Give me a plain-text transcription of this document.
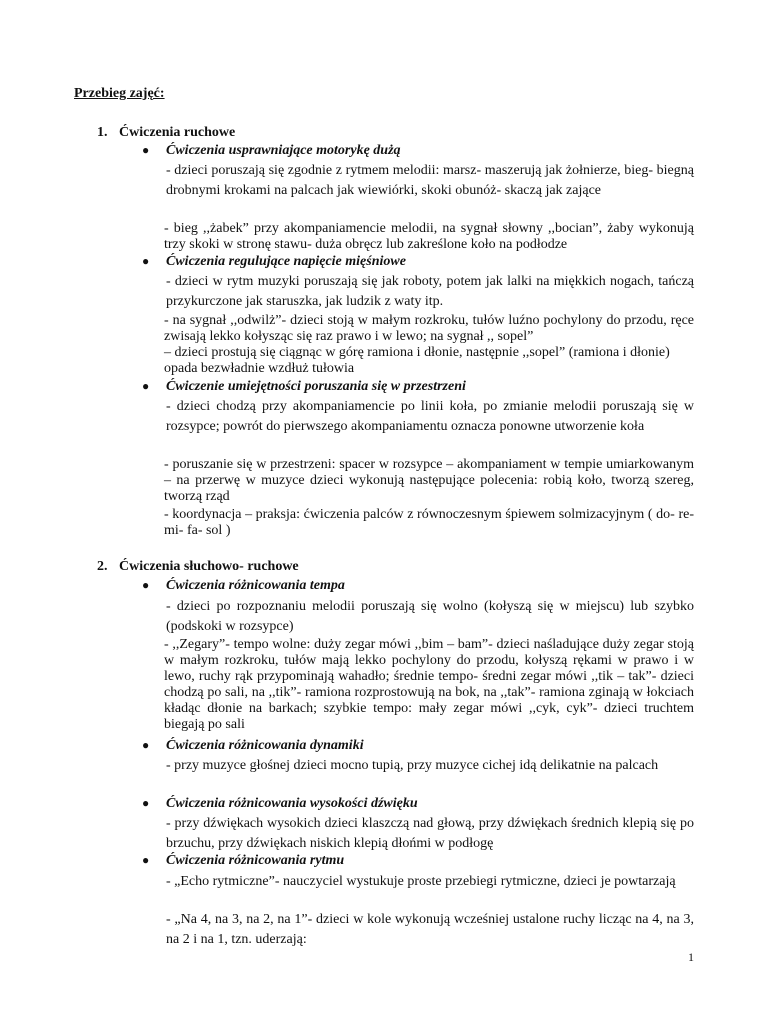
Przebieg zajęć:
1. Ćwiczenia ruchowe
● Ćwiczenia usprawniające motorykę dużą

- dzieci poruszają się zgodnie z rytmem melodii: marsz- maszerują jak żołnierze, bieg- biegną drobnymi krokami na palcach jak wiewiórki, skoki obunóż- skaczą jak zające

- bieg ,,żabek” przy akompaniamencie melodii, na sygnał słowny ,,bocian”, żaby wykonują trzy skoki w stronę stawu- duża obręcz lub zakreślone koło na podłodze

● Ćwiczenia regulujące napięcie mięśniowe

- dzieci w rytm muzyki poruszają się jak roboty, potem jak lalki na miękkich nogach, tańczą przykurczone jak staruszka, jak ludzik z waty itp.

- na sygnał ,,odwilż”- dzieci stoją w małym rozkroku, tułów luźno pochylony do przodu, ręce zwisają lekko kołysząc się raz prawo i w lewo; na sygnał ,, sopel”

– dzieci prostują się ciągnąc w górę ramiona i dłonie, następnie ,,sopel” (ramiona i dłonie) opada bezwładnie wzdłuż tułowia

● Ćwiczenie umiejętności poruszania się w przestrzeni

- dzieci chodzą przy akompaniamencie po linii koła, po zmianie melodii poruszają się w rozsypce; powrót do pierwszego akompaniamentu oznacza ponowne utworzenie koła

- poruszanie się w przestrzeni: spacer w rozsypce – akompaniament w tempie umiarkowanym – na przerwę w muzyce dzieci wykonują następujące polecenia: robią koło, tworzą szereg, tworzą rząd

- koordynacja – praksja: ćwiczenia palców z równoczesnym śpiewem solmizacyjnym ( do- re- mi- fa- sol )

2. Ćwiczenia słuchowo- ruchowe
● Ćwiczenia różnicowania tempa

- dzieci po rozpoznaniu melodii poruszają się wolno (kołyszą się w miejscu) lub szybko (podskoki w rozsypce)

- ,,Zegary”- tempo wolne: duży zegar mówi ,,bim – bam”- dzieci naśladujące duży zegar stoją w małym rozkroku, tułów mają lekko pochylony do przodu, kołyszą rękami w prawo i w lewo, ruchy rąk przypominają wahadło; średnie tempo- średni zegar mówi ,,tik – tak”- dzieci chodzą po sali, na ,,tik”- ramiona rozprostowują na bok, na ,,tak”- ramiona zginają w łokciach kładąc dłonie na barkach; szybkie tempo: mały zegar mówi ,,cyk, cyk”- dzieci truchtem biegają po sali

● Ćwiczenia różnicowania dynamiki

- przy muzyce głośnej dzieci mocno tupią, przy muzyce cichej idą delikatnie na palcach

● Ćwiczenia różnicowania wysokości dźwięku

- przy dźwiękach wysokich dzieci klaszczą nad głową, przy dźwiękach średnich klepią się po brzuchu, przy dźwiękach niskich klepią dłońmi w podłogę

● Ćwiczenia różnicowania rytmu

- „Echo rytmiczne”- nauczyciel wystukuje proste przebiegi rytmiczne, dzieci je powtarzają

- „Na 4, na 3, na 2, na 1”- dzieci w kole wykonują wcześniej ustalone ruchy licząc na 4, na 3, na 2 i na 1, tzn. uderzają:

1
